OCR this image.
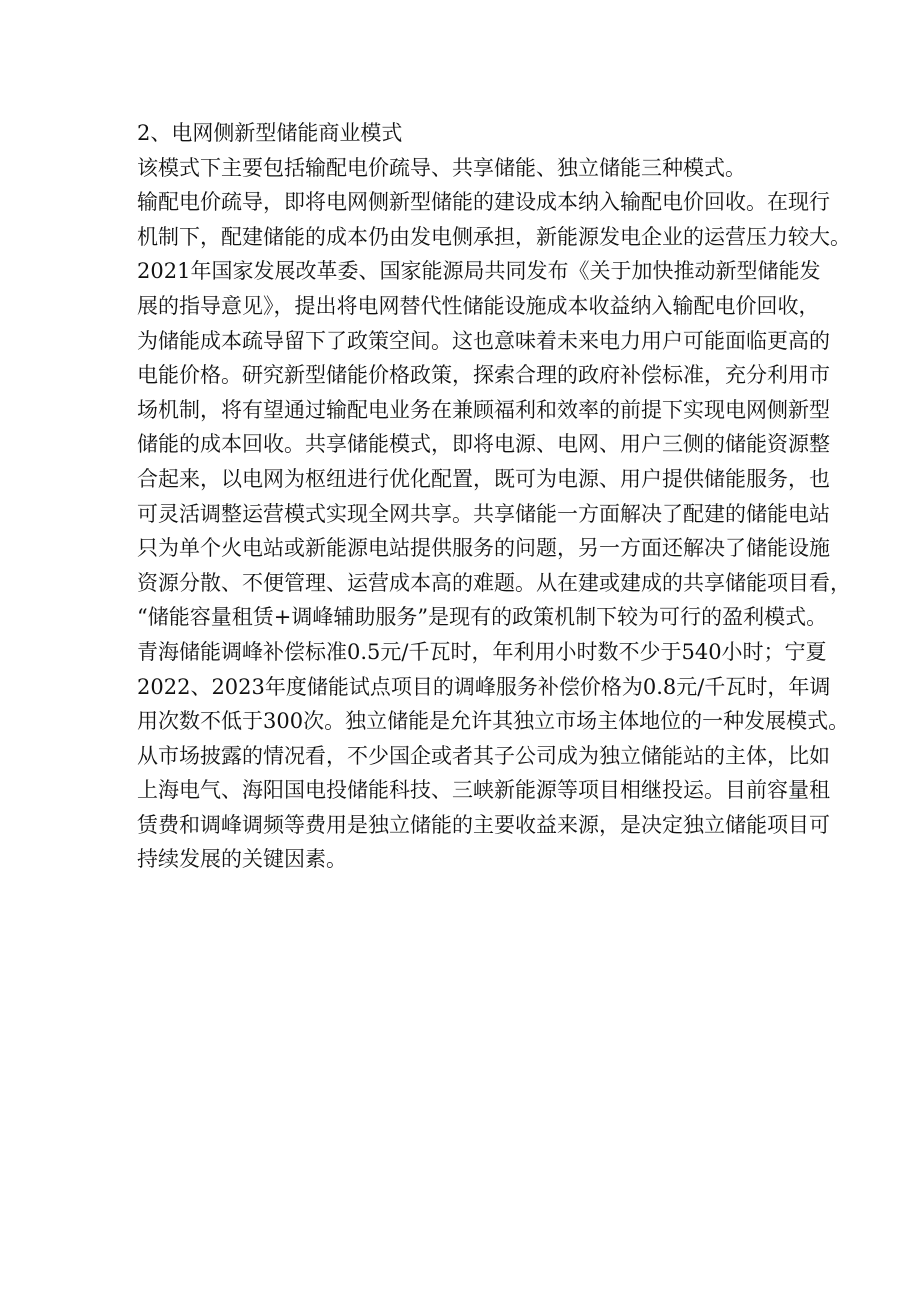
2、电网侧新型储能商业模式
该模式下主要包括输配电价疏导、共享储能、独立储能三种模式。
输配电价疏导，即将电网侧新型储能的建设成本纳入输配电价回收。在现行
机制下，配建储能的成本仍由发电侧承担，新能源发电企业的运营压力较大。
2021年国家发展改革委、国家能源局共同发布《关于加快推动新型储能发
展的指导意见》，提出将电网替代性储能设施成本收益纳入输配电价回收，
为储能成本疏导留下了政策空间。这也意味着未来电力用户可能面临更高的
电能价格。研究新型储能价格政策，探索合理的政府补偿标准，充分利用市
场机制，将有望通过输配电业务在兼顾福利和效率的前提下实现电网侧新型
储能的成本回收。共享储能模式，即将电源、电网、用户三侧的储能资源整
合起来，以电网为枢纽进行优化配置，既可为电源、用户提供储能服务，也
可灵活调整运营模式实现全网共享。共享储能一方面解决了配建的储能电站
只为单个火电站或新能源电站提供服务的问题，另一方面还解决了储能设施
资源分散、不便管理、运营成本高的难题。从在建或建成的共享储能项目看，
“储能容量租赁+调峰辅助服务”是现有的政策机制下较为可行的盈利模式。
青海储能调峰补偿标准0.5元/千瓦时，年利用小时数不少于540小时；宁夏
2022、2023年度储能试点项目的调峰服务补偿价格为0.8元/千瓦时，年调
用次数不低于300次。独立储能是允许其独立市场主体地位的一种发展模式。
从市场披露的情况看，不少国企或者其子公司成为独立储能站的主体，比如
上海电气、海阳国电投储能科技、三峡新能源等项目相继投运。目前容量租
赁费和调峰调频等费用是独立储能的主要收益来源，是决定独立储能项目可
持续发展的关键因素。
